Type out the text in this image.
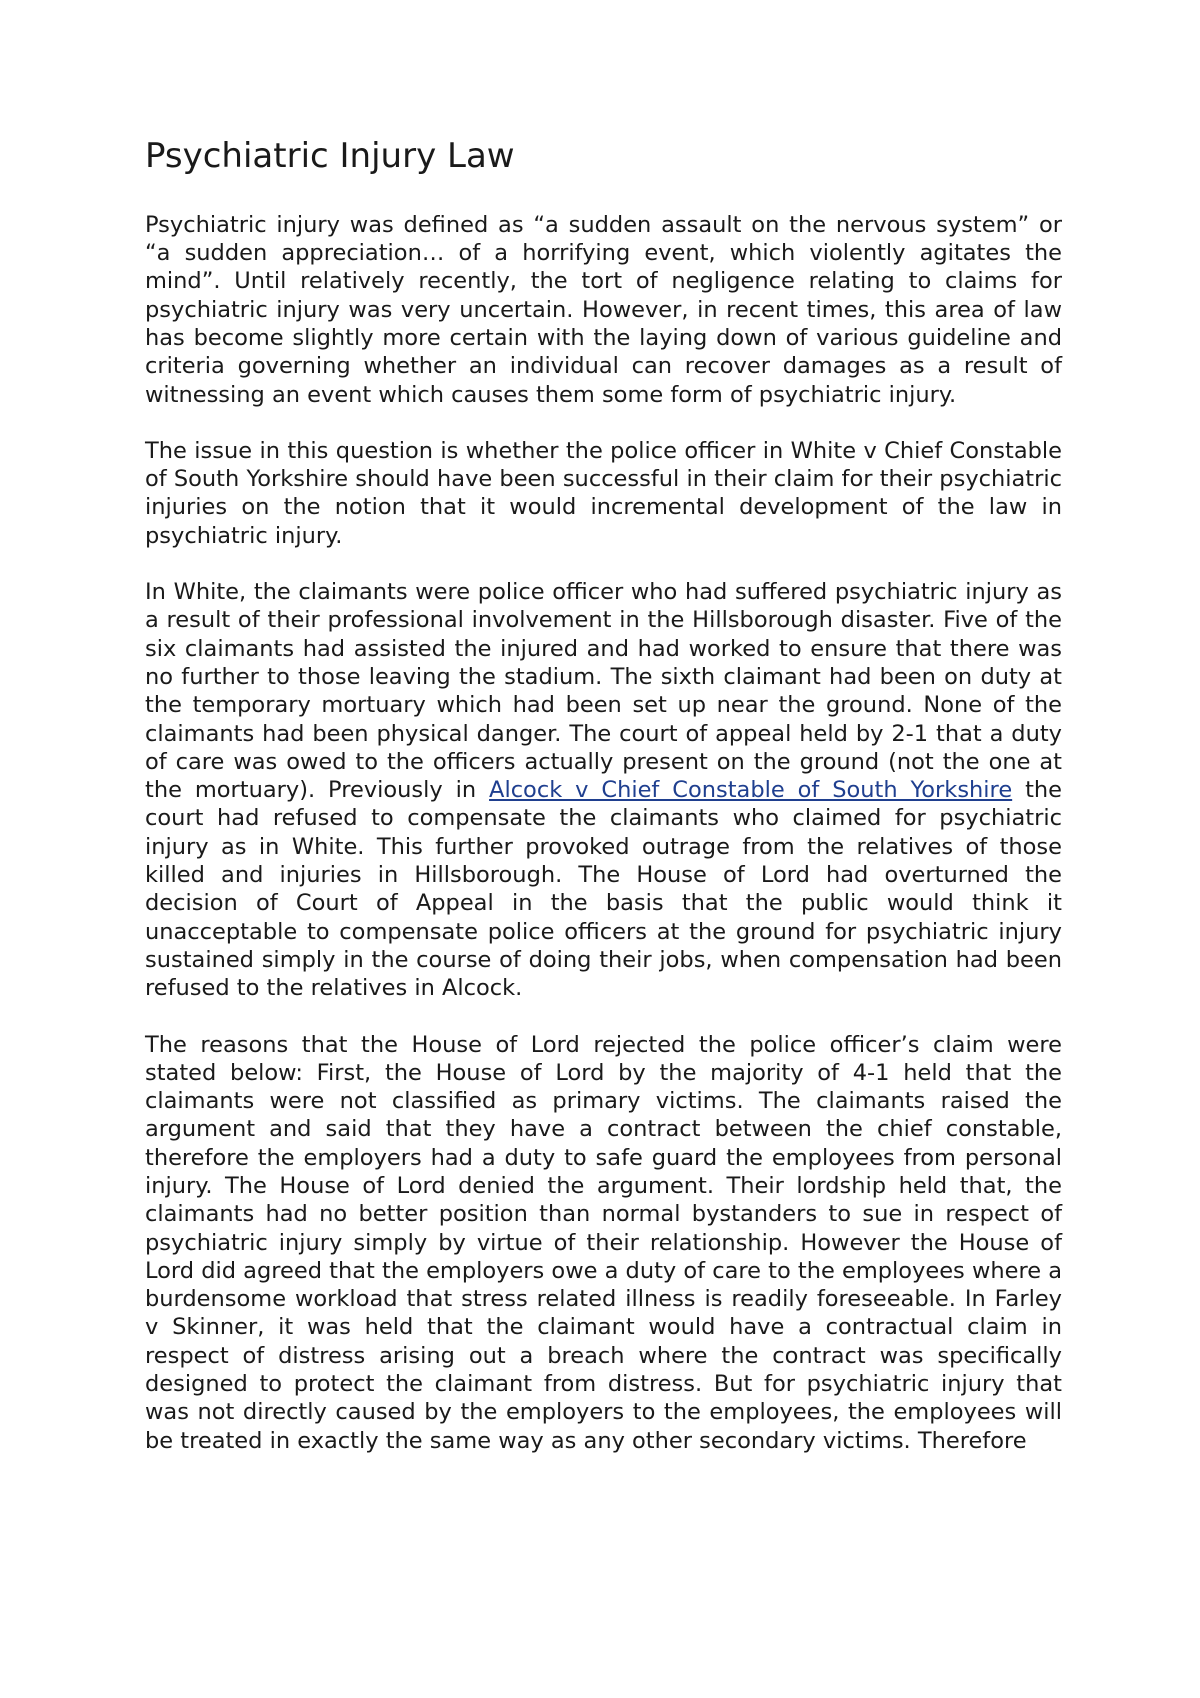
Psychiatric Injury Law

Psychiatric injury was defined as “a sudden assault on the nervous system” or “a sudden appreciation… of a horrifying event, which violently agitates the mind”. Until relatively recently, the tort of negligence relating to claims for psychiatric injury was very uncertain. However, in recent times, this area of law has become slightly more certain with the laying down of various guideline and criteria governing whether an individual can recover damages as a result of witnessing an event which causes them some form of psychiatric injury.

The issue in this question is whether the police officer in White v Chief Constable of South Yorkshire should have been successful in their claim for their psychiatric injuries on the notion that it would incremental development of the law in psychiatric injury.

In White, the claimants were police officer who had suffered psychiatric injury as a result of their professional involvement in the Hillsborough disaster. Five of the six claimants had assisted the injured and had worked to ensure that there was no further to those leaving the stadium. The sixth claimant had been on duty at the temporary mortuary which had been set up near the ground. None of the claimants had been physical danger. The court of appeal held by 2-1 that a duty of care was owed to the officers actually present on the ground (not the one at the mortuary). Previously in Alcock v Chief Constable of South Yorkshire the court had refused to compensate the claimants who claimed for psychiatric injury as in White. This further provoked outrage from the relatives of those killed and injuries in Hillsborough. The House of Lord had overturned the decision of Court of Appeal in the basis that the public would think it unacceptable to compensate police officers at the ground for psychiatric injury sustained simply in the course of doing their jobs, when compensation had been refused to the relatives in Alcock.

The reasons that the House of Lord rejected the police officer’s claim were stated below: First, the House of Lord by the majority of 4-1 held that the claimants were not classified as primary victims. The claimants raised the argument and said that they have a contract between the chief constable, therefore the employers had a duty to safe guard the employees from personal injury. The House of Lord denied the argument. Their lordship held that, the claimants had no better position than normal bystanders to sue in respect of psychiatric injury simply by virtue of their relationship. However the House of Lord did agreed that the employers owe a duty of care to the employees where a burdensome workload that stress related illness is readily foreseeable. In Farley v Skinner, it was held that the claimant would have a contractual claim in respect of distress arising out a breach where the contract was specifically designed to protect the claimant from distress. But for psychiatric injury that was not directly caused by the employers to the employees, the employees will be treated in exactly the same way as any other secondary victims. Therefore
